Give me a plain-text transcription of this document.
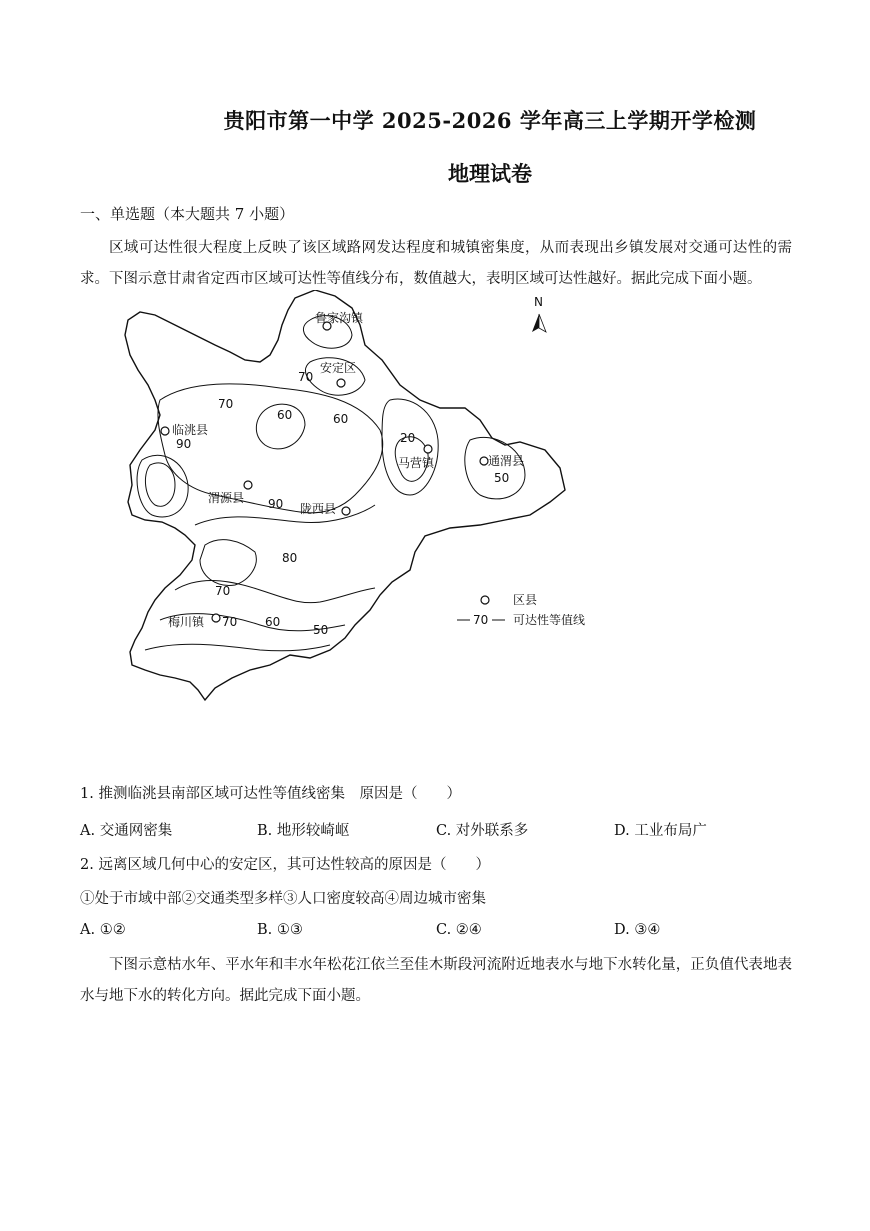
贵阳市第一中学 2025-2026 学年高三上学期开学检测
地理试卷
一、单选题（本大题共 7 小题）
区域可达性很大程度上反映了该区域路网发达程度和城镇密集度，从而表现出乡镇发展对交通可达性的需求。下图示意甘肃省定西市区域可达性等值线分布，数值越大，表明区域可达性越好。据此完成下面小题。
鲁家沟镇
安定区
临洮县
马营镇	通渭县
渭源县
陇西县
梅川镇
70
70
60	60
90	20
50
90
80
70
70 60
50
N
区县
70 可达性等值线
1. 推测临洮县南部区域可达性等值线密集　原因是（　　）
A. 交通网密集	B. 地形较崎岖	C. 对外联系多	D. 工业布局广
2. 远离区域几何中心的安定区，其可达性较高的原因是（　　）
①处于市域中部②交通类型多样③人口密度较高④周边城市密集
A. ①②	B. ①③	C. ②④	D. ③④
下图示意枯水年、平水年和丰水年松花江依兰至佳木斯段河流附近地表水与地下水转化量，正负值代表地表水与地下水的转化方向。据此完成下面小题。
